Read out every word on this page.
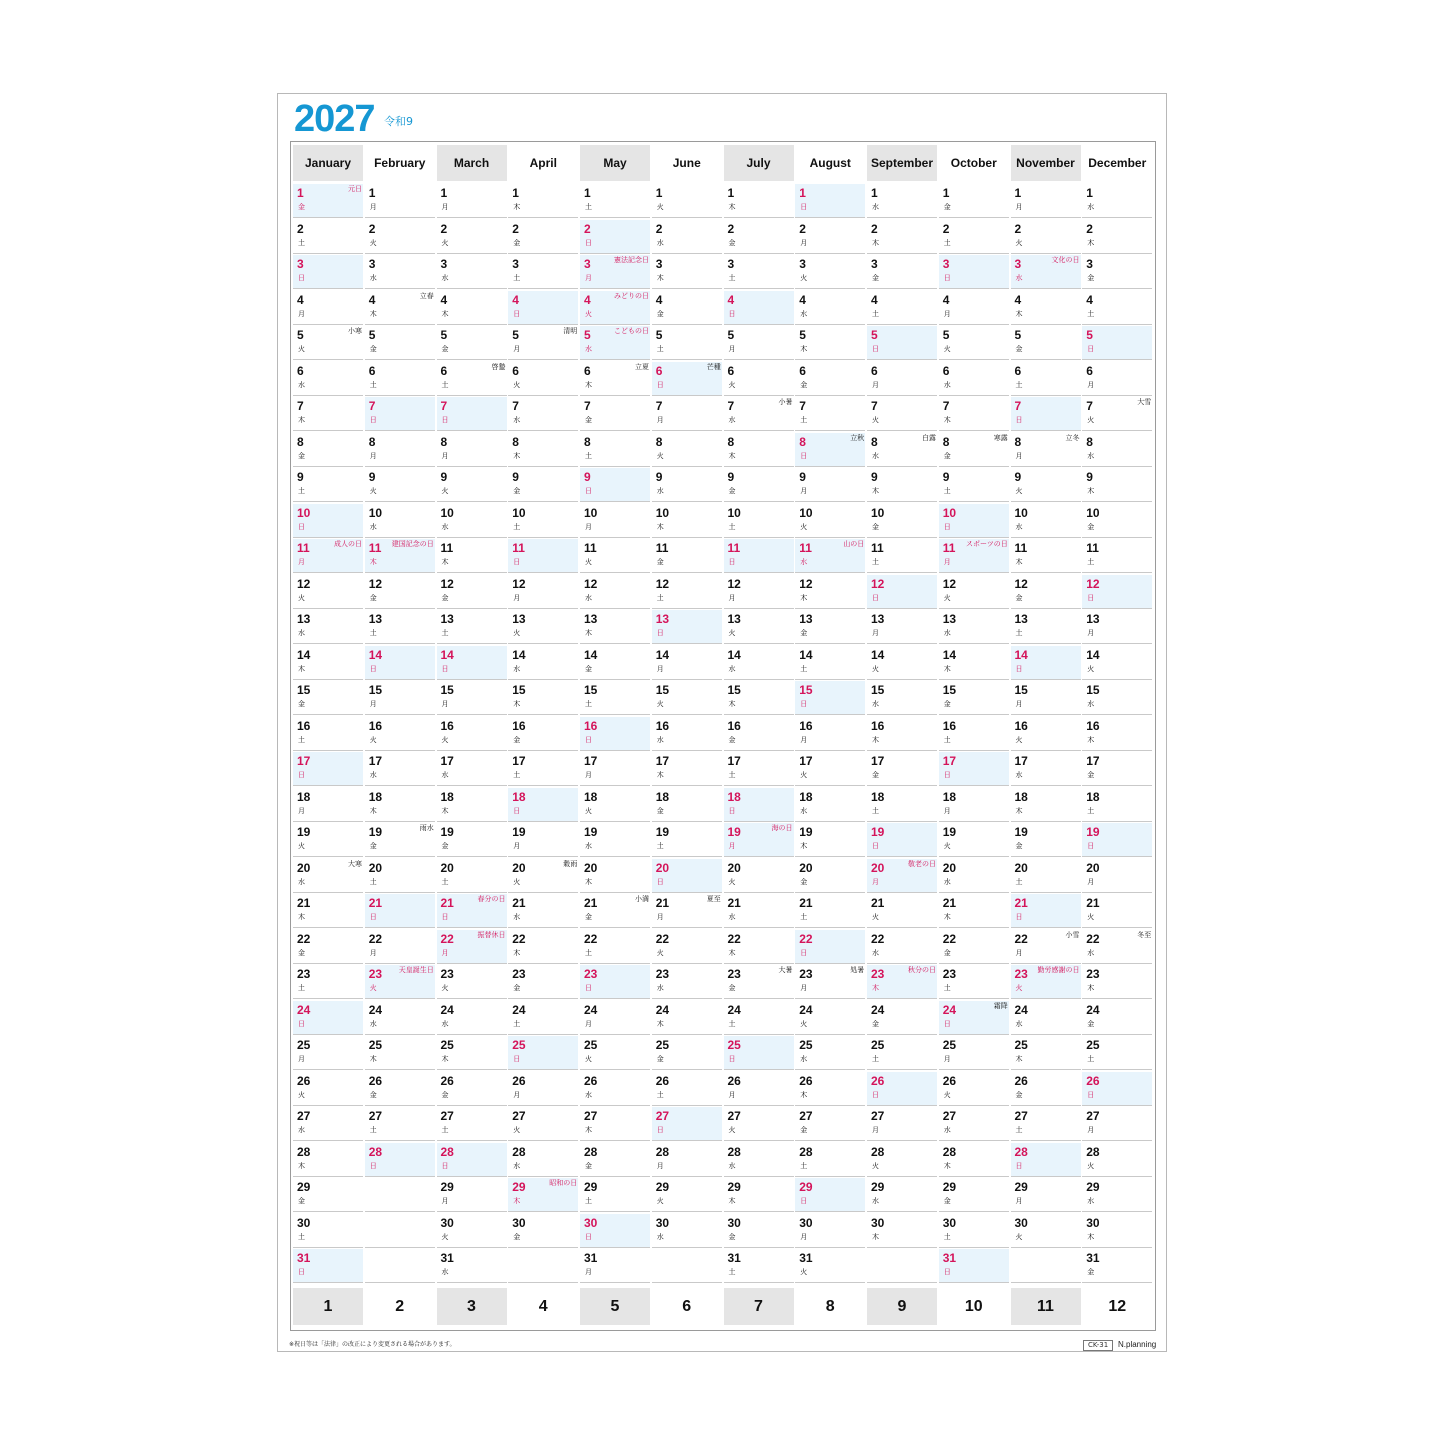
2027 令和9
January
1
金
元日
2
土
3
日
4
月
5
火
小寒
6
水
7
木
8
金
9
土
10
日
11
月
成人の日
12
火
13
水
14
木
15
金
16
土
17
日
18
月
19
火
20
水
大寒
21
木
22
金
23
土
24
日
25
月
26
火
27
水
28
木
29
金
30
土
31
日
1
February
1
月
2
火
3
水
4
木
立春
5
金
6
土
7
日
8
月
9
火
10
水
11
木
建国記念の日
12
金
13
土
14
日
15
月
16
火
17
水
18
木
19
金
雨水
20
土
21
日
22
月
23
火
天皇誕生日
24
水
25
木
26
金
27
土
28
日
2
March
1
月
2
火
3
水
4
木
5
金
6
土
啓蟄
7
日
8
月
9
火
10
水
11
木
12
金
13
土
14
日
15
月
16
火
17
水
18
木
19
金
20
土
21
日
春分の日
22
月
振替休日
23
火
24
水
25
木
26
金
27
土
28
日
29
月
30
火
31
水
3
April
1
木
2
金
3
土
4
日
5
月
清明
6
火
7
水
8
木
9
金
10
土
11
日
12
月
13
火
14
水
15
木
16
金
17
土
18
日
19
月
20
火
穀雨
21
水
22
木
23
金
24
土
25
日
26
月
27
火
28
水
29
木
昭和の日
30
金
4
May
1
土
2
日
3
月
憲法記念日
4
火
みどりの日
5
水
こどもの日
6
木
立夏
7
金
8
土
9
日
10
月
11
火
12
水
13
木
14
金
15
土
16
日
17
月
18
火
19
水
20
木
21
金
小満
22
土
23
日
24
月
25
火
26
水
27
木
28
金
29
土
30
日
31
月
5
June
1
火
2
水
3
木
4
金
5
土
6
日
芒種
7
月
8
火
9
水
10
木
11
金
12
土
13
日
14
月
15
火
16
水
17
木
18
金
19
土
20
日
21
月
夏至
22
火
23
水
24
木
25
金
26
土
27
日
28
月
29
火
30
水
6
July
1
木
2
金
3
土
4
日
5
月
6
火
7
水
小暑
8
木
9
金
10
土
11
日
12
月
13
火
14
水
15
木
16
金
17
土
18
日
19
月
海の日
20
火
21
水
22
木
23
金
大暑
24
土
25
日
26
月
27
火
28
水
29
木
30
金
31
土
7
August
1
日
2
月
3
火
4
水
5
木
6
金
7
土
8
日
立秋
9
月
10
火
11
水
山の日
12
木
13
金
14
土
15
日
16
月
17
火
18
水
19
木
20
金
21
土
22
日
23
月
処暑
24
火
25
水
26
木
27
金
28
土
29
日
30
月
31
火
8
September
1
水
2
木
3
金
4
土
5
日
6
月
7
火
8
水
白露
9
木
10
金
11
土
12
日
13
月
14
火
15
水
16
木
17
金
18
土
19
日
20
月
敬老の日
21
火
22
水
23
木
秋分の日
24
金
25
土
26
日
27
月
28
火
29
水
30
木
9
October
1
金
2
土
3
日
4
月
5
火
6
水
7
木
8
金
寒露
9
土
10
日
11
月
スポーツの日
12
火
13
水
14
木
15
金
16
土
17
日
18
月
19
火
20
水
21
木
22
金
23
土
24
日
霜降
25
月
26
火
27
水
28
木
29
金
30
土
31
日
10
November
1
月
2
火
3
水
文化の日
4
木
5
金
6
土
7
日
8
月
立冬
9
火
10
水
11
木
12
金
13
土
14
日
15
月
16
火
17
水
18
木
19
金
20
土
21
日
22
月
小雪
23
火
勤労感謝の日
24
水
25
木
26
金
27
土
28
日
29
月
30
火
11
December
1
水
2
木
3
金
4
土
5
日
6
月
7
火
大雪
8
水
9
木
10
金
11
土
12
日
13
月
14
火
15
水
16
木
17
金
18
土
19
日
20
月
21
火
22
水
冬至
23
木
24
金
25
土
26
日
27
月
28
火
29
水
30
木
31
金
12
※祝日等は「法律」の改正により変更される場合があります。	CK-31	N.planning
